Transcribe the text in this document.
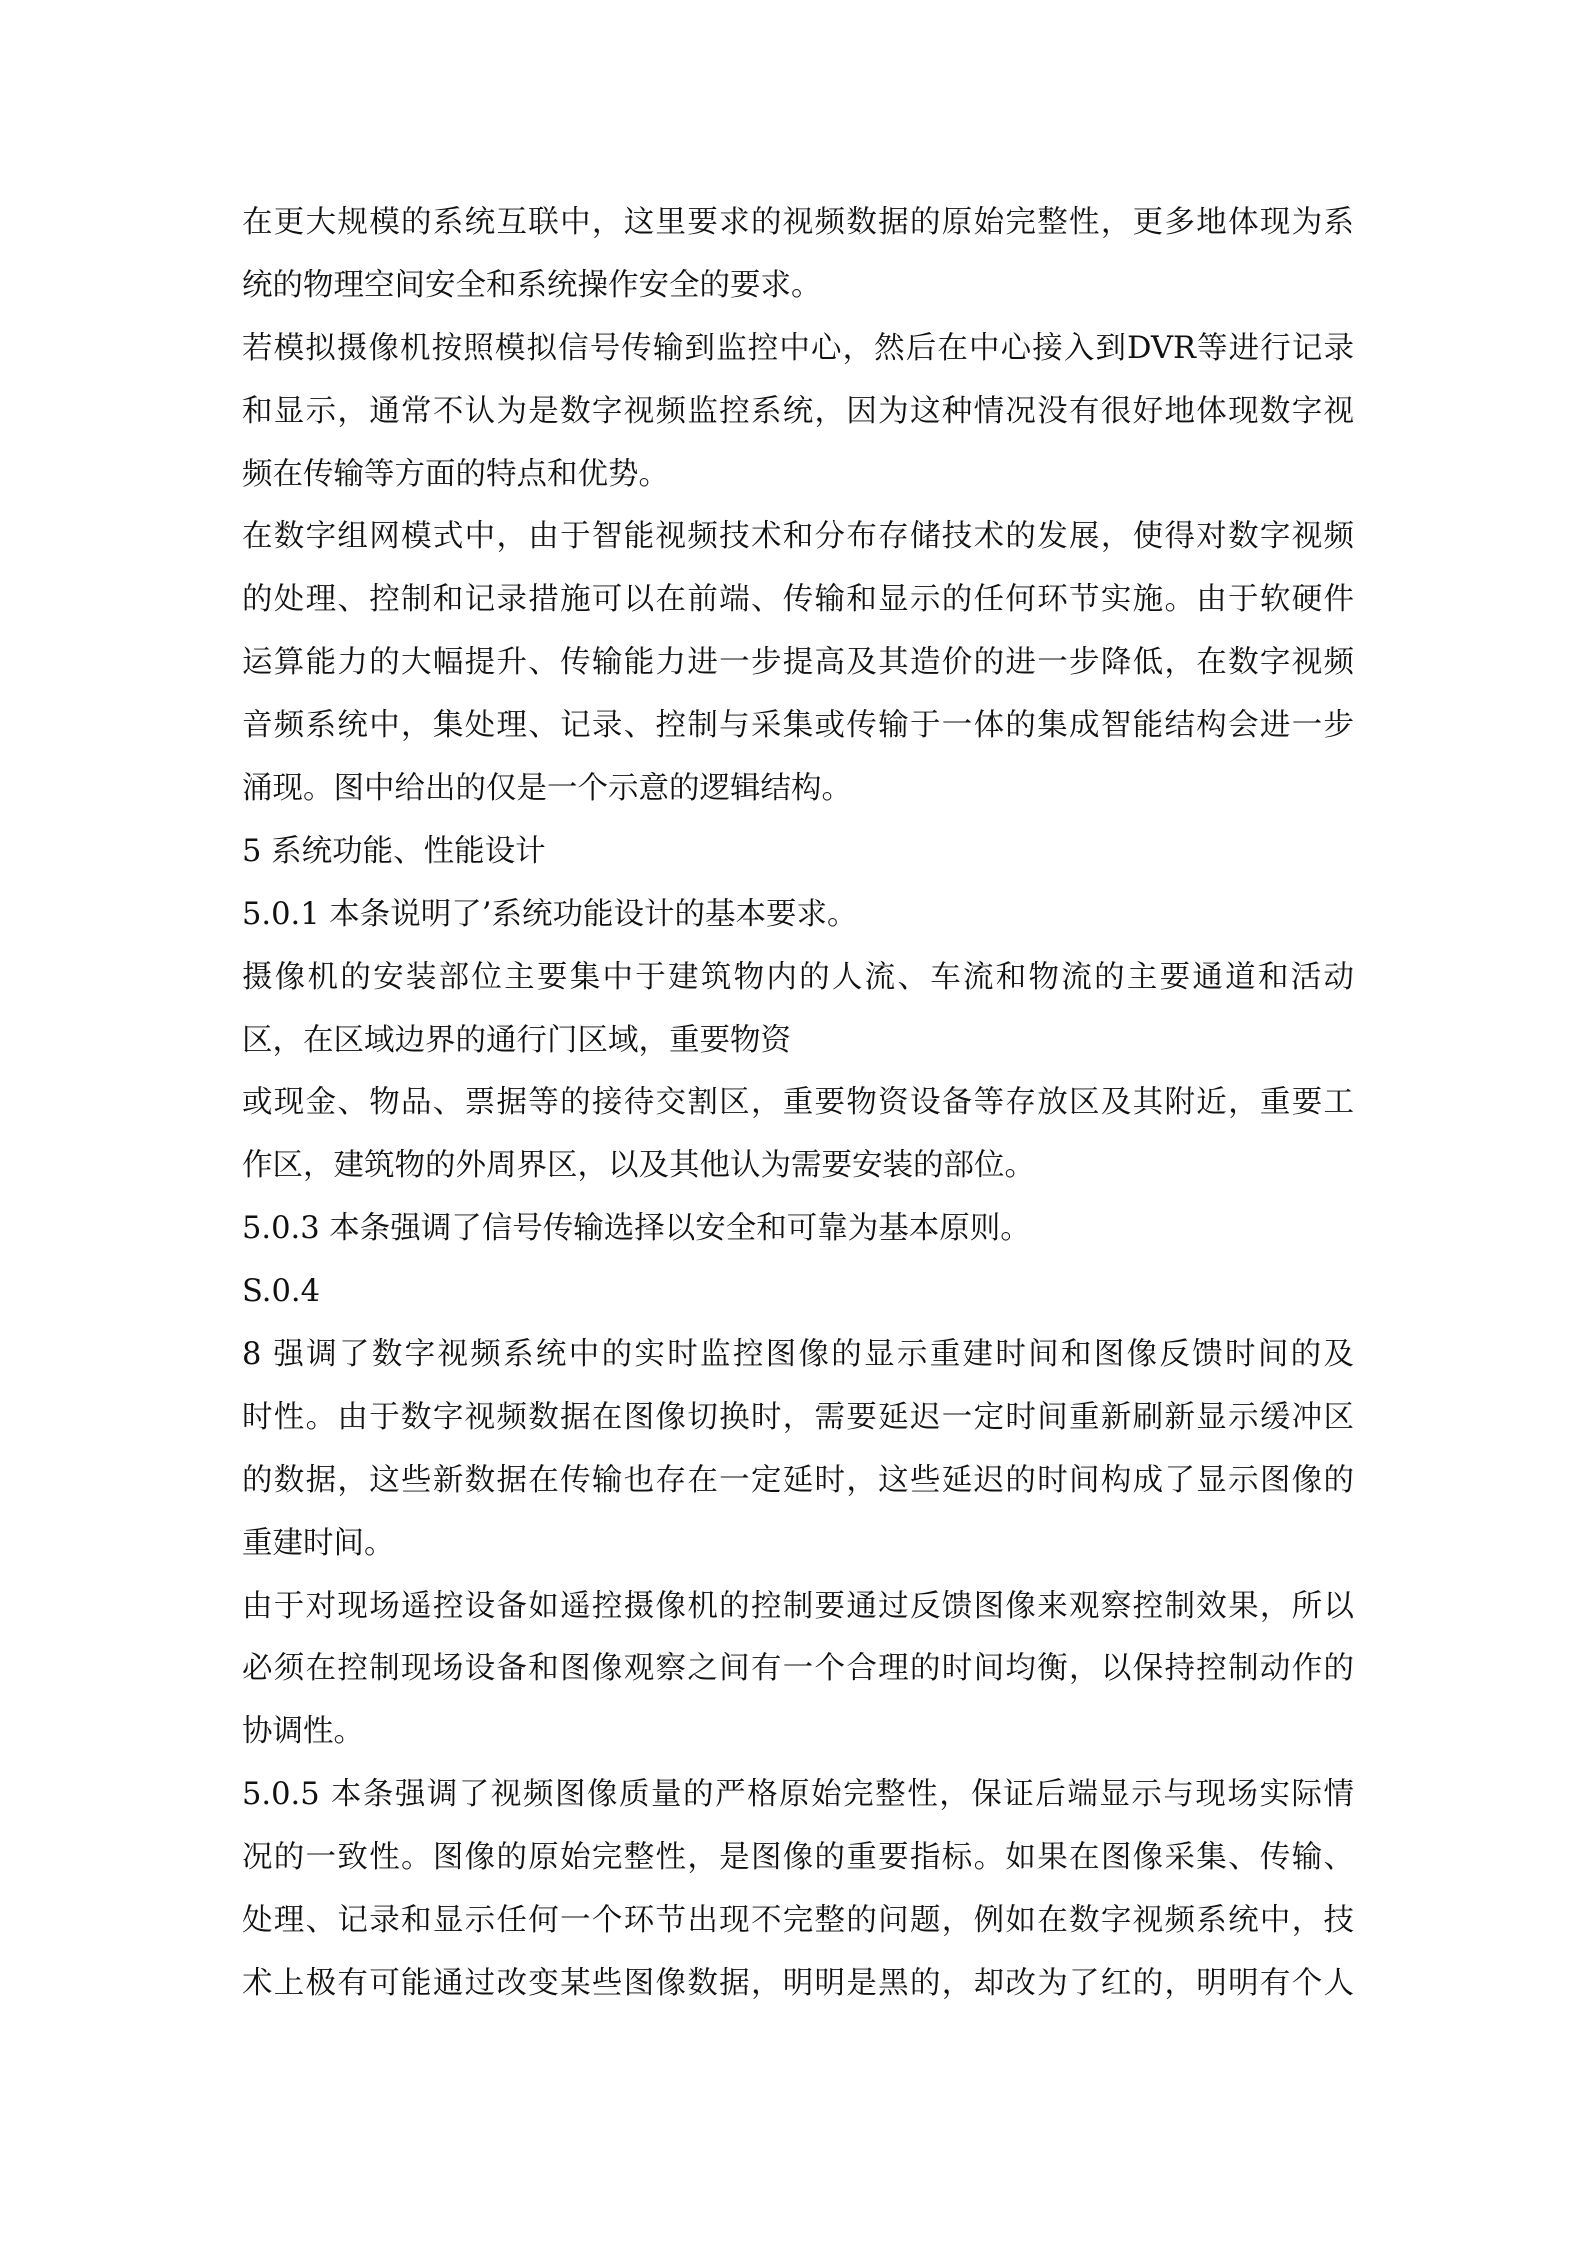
在更大规模的系统互联中，这里要求的视频数据的原始完整性，更多地体现为系
统的物理空间安全和系统操作安全的要求。
若模拟摄像机按照模拟信号传输到监控中心，然后在中心接入到DVR等进行记录
和显示，通常不认为是数字视频监控系统，因为这种情况没有很好地体现数字视
频在传输等方面的特点和优势。
在数字组网模式中，由于智能视频技术和分布存储技术的发展，使得对数字视频
的处理、控制和记录措施可以在前端、传输和显示的任何环节实施。由于软硬件
运算能力的大幅提升、传输能力进一步提高及其造价的进一步降低，在数字视频
音频系统中，集处理、记录、控制与采集或传输于一体的集成智能结构会进一步
涌现。图中给出的仅是一个示意的逻辑结构。
5 系统功能、性能设计
5.0.1 本条说明了’系统功能设计的基本要求。
摄像机的安装部位主要集中于建筑物内的人流、车流和物流的主要通道和活动
区，在区域边界的通行门区域，重要物资
或现金、物品、票据等的接待交割区，重要物资设备等存放区及其附近，重要工
作区，建筑物的外周界区，以及其他认为需要安装的部位。
5.0.3 本条强调了信号传输选择以安全和可靠为基本原则。
S.0.4
8 强调了数字视频系统中的实时监控图像的显示重建时间和图像反馈时间的及
时性。由于数字视频数据在图像切换时，需要延迟一定时间重新刷新显示缓冲区
的数据，这些新数据在传输也存在一定延时，这些延迟的时间构成了显示图像的
重建时间。
由于对现场遥控设备如遥控摄像机的控制要通过反馈图像来观察控制效果，所以
必须在控制现场设备和图像观察之间有一个合理的时间均衡，以保持控制动作的
协调性。
5.0.5 本条强调了视频图像质量的严格原始完整性，保证后端显示与现场实际情
况的一致性。图像的原始完整性，是图像的重要指标。如果在图像采集、传输、
处理、记录和显示任何一个环节出现不完整的问题，例如在数字视频系统中，技
术上极有可能通过改变某些图像数据，明明是黑的，却改为了红的，明明有个人
